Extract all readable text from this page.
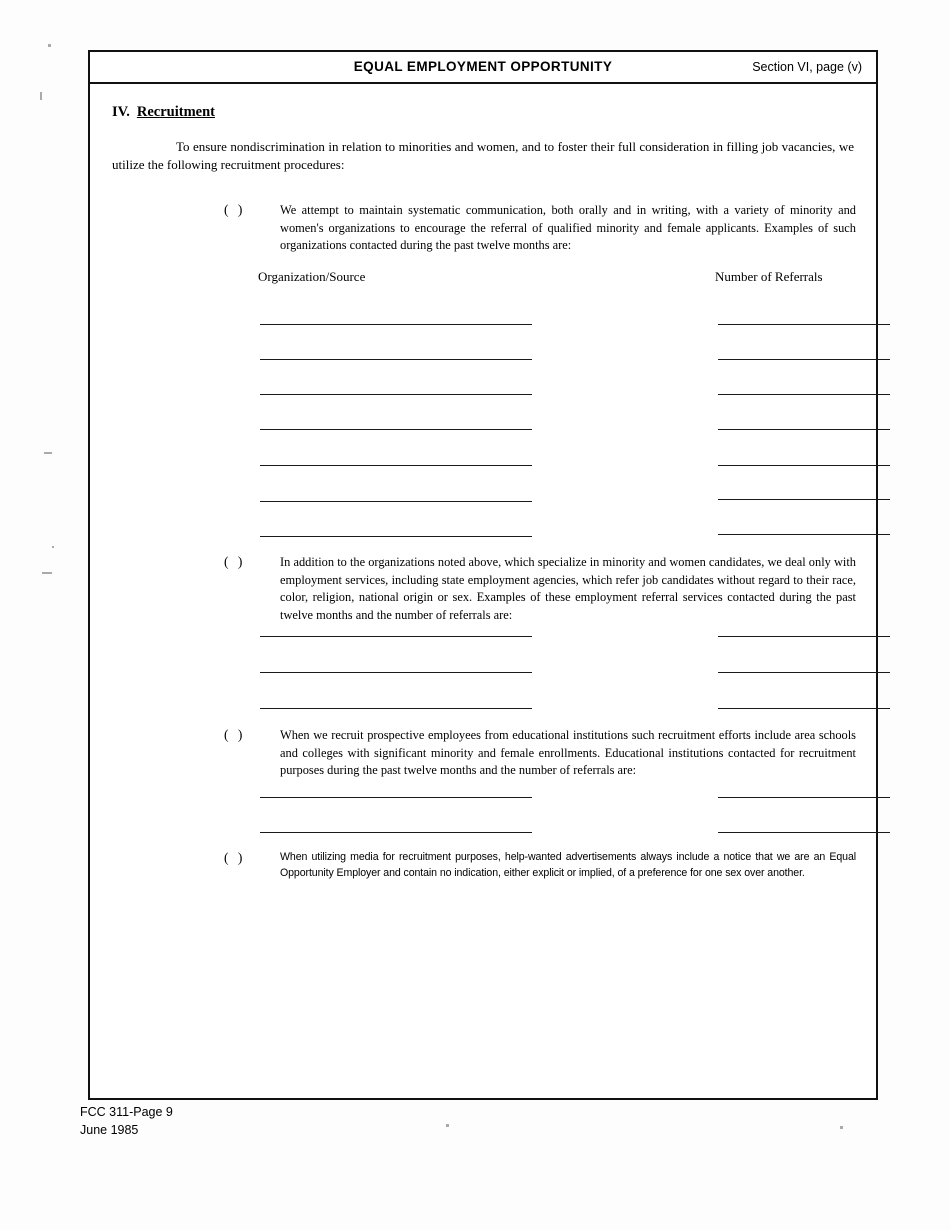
EQUAL EMPLOYMENT OPPORTUNITY	Section VI, page (v)
IV. Recruitment
To ensure nondiscrimination in relation to minorities and women, and to foster their full consideration in filling job vacancies, we utilize the following recruitment procedures:
( )	We attempt to maintain systematic communication, both orally and in writing, with a variety of minority and women's organizations to encourage the referral of qualified minority and female applicants. Examples of such organizations contacted during the past twelve months are:
Organization/Source	Number of Referrals
( )	In addition to the organizations noted above, which specialize in minority and women candidates, we deal only with employment services, including state employment agencies, which refer job candidates without regard to their race, color, religion, national origin or sex. Examples of these employment referral services contacted during the past twelve months and the number of referrals are:
( )	When we recruit prospective employees from educational institutions such recruitment efforts include area schools and colleges with significant minority and female enrollments. Educational institutions contacted for recruitment purposes during the past twelve months and the number of referrals are:
( )	When utilizing media for recruitment purposes, help-wanted advertisements always include a notice that we are an Equal Opportunity Employer and contain no indication, either explicit or implied, of a preference for one sex over another.
FCC 311-Page 9
June 1985
